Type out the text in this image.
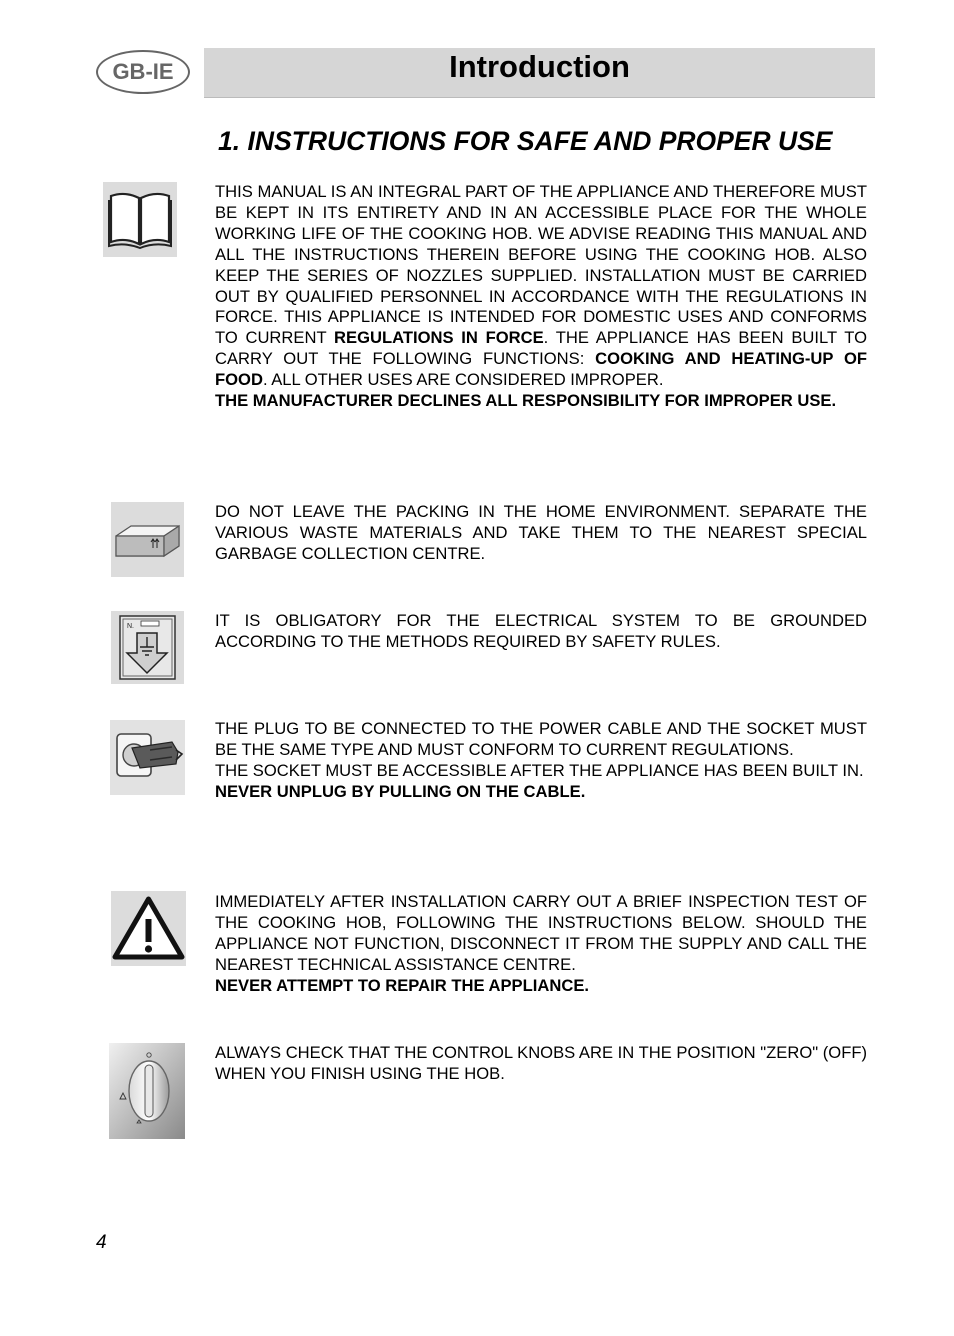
GB-IE	Introduction
1. INSTRUCTIONS FOR SAFE AND PROPER USE

THIS MANUAL IS AN INTEGRAL PART OF THE APPLIANCE AND THEREFORE MUST BE KEPT IN ITS ENTIRETY AND IN AN ACCESSIBLE PLACE FOR THE WHOLE WORKING LIFE OF THE COOKING HOB. WE ADVISE READING THIS MANUAL AND ALL THE INSTRUCTIONS THEREIN BEFORE USING THE COOKING HOB. ALSO KEEP THE SERIES OF NOZZLES SUPPLIED. INSTALLATION MUST BE CARRIED OUT BY QUALIFIED PERSONNEL IN ACCORDANCE WITH THE REGULATIONS IN FORCE. THIS APPLIANCE IS INTENDED FOR DOMESTIC USES AND CONFORMS TO CURRENT REGULATIONS IN FORCE. THE APPLIANCE HAS BEEN BUILT TO CARRY OUT THE FOLLOWING FUNCTIONS: COOKING AND HEATING-UP OF FOOD. ALL OTHER USES ARE CONSIDERED IMPROPER.

THE MANUFACTURER DECLINES ALL RESPONSIBILITY FOR IMPROPER USE.

DO NOT LEAVE THE PACKING IN THE HOME ENVIRONMENT. SEPARATE THE VARIOUS WASTE MATERIALS AND TAKE THEM TO THE NEAREST SPECIAL GARBAGE COLLECTION CENTRE.

N.	IT IS OBLIGATORY FOR THE ELECTRICAL SYSTEM TO BE GROUNDED ACCORDING TO THE METHODS REQUIRED BY SAFETY RULES.

THE PLUG TO BE CONNECTED TO THE POWER CABLE AND THE SOCKET MUST BE THE SAME TYPE AND MUST CONFORM TO CURRENT REGULATIONS.

THE SOCKET MUST BE ACCESSIBLE AFTER THE APPLIANCE HAS BEEN BUILT IN.

NEVER UNPLUG BY PULLING ON THE CABLE.

IMMEDIATELY AFTER INSTALLATION CARRY OUT A BRIEF INSPECTION TEST OF THE COOKING HOB, FOLLOWING THE INSTRUCTIONS BELOW. SHOULD THE APPLIANCE NOT FUNCTION, DISCONNECT IT FROM THE SUPPLY AND CALL THE NEAREST TECHNICAL ASSISTANCE CENTRE.

NEVER ATTEMPT TO REPAIR THE APPLIANCE.

ALWAYS CHECK THAT THE CONTROL KNOBS ARE IN THE POSITION "ZERO" (OFF) WHEN YOU FINISH USING THE HOB.

4
